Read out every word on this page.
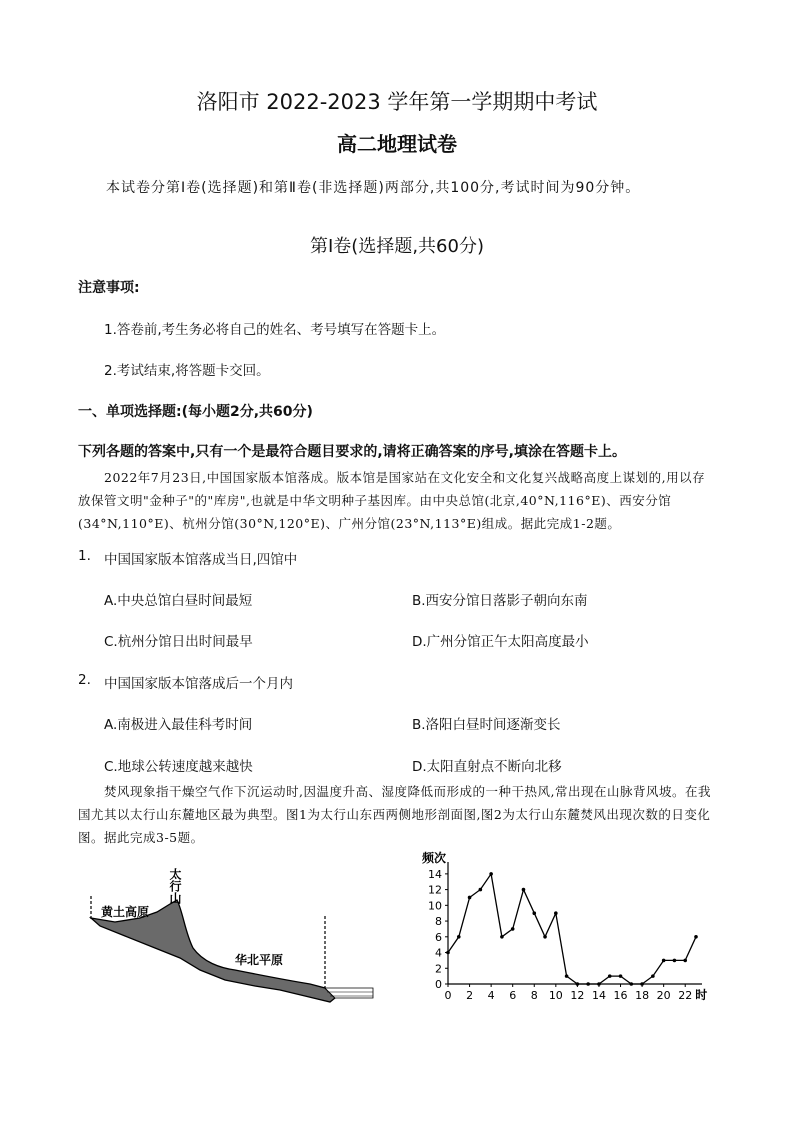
洛阳市 2022-2023 学年第一学期期中考试
高二地理试卷
本试卷分第Ⅰ卷(选择题)和第Ⅱ卷(非选择题)两部分,共100分,考试时间为90分钟。
第Ⅰ卷(选择题,共60分)
注意事项:
1.答卷前,考生务必将自己的姓名、考号填写在答题卡上。
2.考试结束,将答题卡交回。
一、单项选择题:(每小题2分,共60分)
下列各题的答案中,只有一个是最符合题目要求的,请将正确答案的序号,填涂在答题卡上。
2022年7月23日,中国国家版本馆落成。版本馆是国家站在文化安全和文化复兴战略高度上谋划的,用以存放保管文明"金种子"的"库房",也就是中华文明种子基因库。由中央总馆(北京,40°N,116°E)、西安分馆(34°N,110°E)、杭州分馆(30°N,120°E)、广州分馆(23°N,113°E)组成。据此完成1-2题。
1. 中国国家版本馆落成当日,四馆中
A.中央总馆白昼时间最短	B.西安分馆日落影子朝向东南
C.杭州分馆日出时间最早	D.广州分馆正午太阳高度最小
2. 中国国家版本馆落成后一个月内
A.南极进入最佳科考时间	B.洛阳白昼时间逐渐变长
C.地球公转速度越来越快	D.太阳直射点不断向北移
焚风现象指干燥空气作下沉运动时,因温度升高、湿度降低而形成的一种干热风,常出现在山脉背风坡。在我国尤其以太行山东麓地区最为典型。图1为太行山东西两侧地形剖面图,图2为太行山东麓焚风出现次数的日变化图。据此完成3-5题。
黄土高原
太行山
华北平原
频次
0
2
4
6
8
10
12
14
0 2 4 6 8 10 12 14 16 18 20 22 时
